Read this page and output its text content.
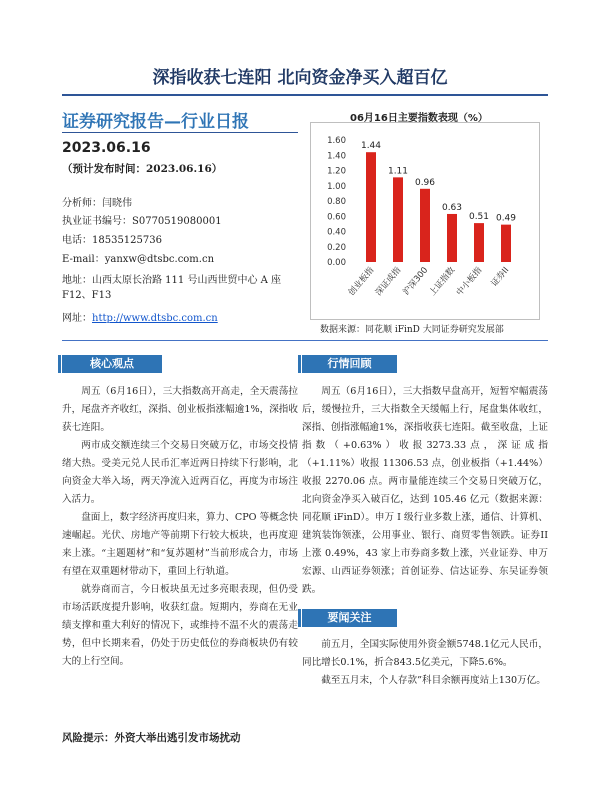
深指收获七连阳 北向资金净买入超百亿
证券研究报告—行业日报
2023.06.16
（预计发布时间：2023.06.16）
分析师：闫晓伟
执业证书编号：S0770519080001
电话：18535125736
E-mail：yanxw@dtsbc.com.cn
地址：山西太原长治路 111 号山西世贸中心 A 座F12、F13
网址：http://www.dtsbc.com.cn
06月16日主要指数表现（%）
0.00
0.20
0.40
0.60
0.80
1.00
1.20
1.40
1.60
1.44
创业板指
1.11
深证成指
0.96
沪深300
0.63
上证指数
0.51
中小板指
0.49
证券II
数据来源：同花顺 iFinD 大同证券研究发展部
核心观点

周五（6月16日），三大指数高开高走，全天震荡拉升，尾盘齐齐收红，深指、创业板指涨幅逾1%，深指收获七连阳。

两市成交额连续三个交易日突破万亿，市场交投情绪大热。受美元兑人民币汇率近两日持续下行影响，北向资金大举入场，两天净流入近两百亿，再度为市场注入活力。

盘面上，数字经济再度归来，算力、CPO 等概念快速崛起。光伏、房地产等前期下行较大板块，也再度迎来上涨。“主题题材”和“复苏题材”当前形成合力，市场有望在双重题材带动下，重回上行轨道。

就券商而言，今日板块虽无过多亮眼表现，但仍受市场活跃度提升影响，收获红盘。短期内，券商在无业绩支撑和重大利好的情况下，或维持不温不火的震荡走势，但中长期来看，仍处于历史低位的券商板块仍有较大的上行空间。

风险提示：外资大举出逃引发市场扰动
行情回顾

周五（6月16日），三大指数早盘高开，短暂窄幅震荡后，缓慢拉升，三大指数全天缓幅上行，尾盘集体收红，深指、创指涨幅逾1%，深指收获七连阳。截至收盘，上证指数（+0.63%）收报3273.33点，深证成指（+1.11%）收报 11306.53 点，创业板指（+1.44%）收报 2270.06 点。两市量能连续三个交易日突破万亿，北向资金净买入破百亿，达到 105.46 亿元（数据来源：同花顺 iFinD）。申万 I 级行业多数上涨，通信、计算机、建筑装饰领涨，公用事业、银行、商贸零售领跌。证券II上涨 0.49%，43 家上市券商多数上涨，兴业证券、申万宏源、山西证券领涨；首创证券、信达证券、东吴证券领跌。

要闻关注

前五月，全国实际使用外资金额5748.1亿元人民币，同比增长0.1%，折合843.5亿美元，下降5.6%。

截至五月末，个人存款”科目余额再度站上130万亿。
